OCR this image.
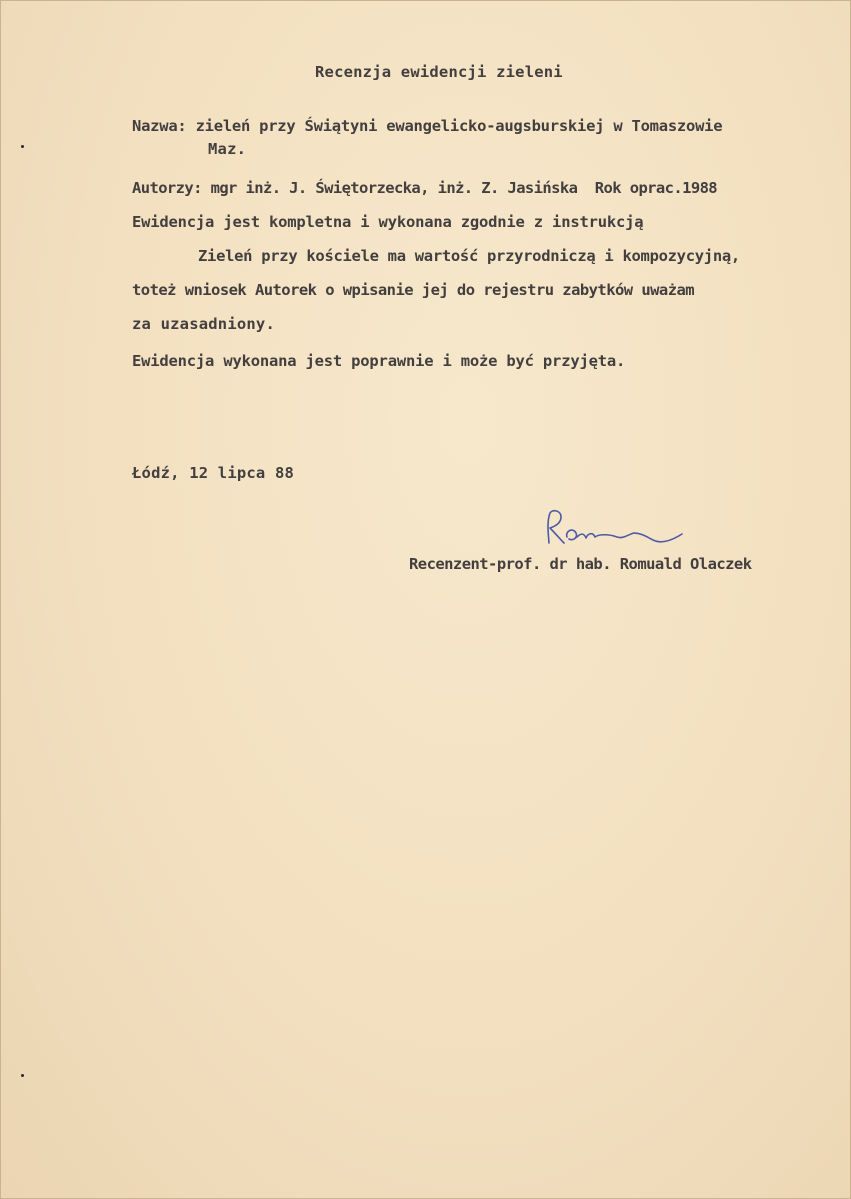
Recenzja ewidencji zieleni
Nazwa: zieleń przy Świątyni ewangelicko-augsburskiej w Tomaszowie
Maz.
Autorzy: mgr inż. J. Świętorzecka, inż. Z. Jasińska  Rok oprac.1988
Ewidencja jest kompletna i wykonana zgodnie z instrukcją
Zieleń przy kościele ma wartość przyrodniczą i kompozycyjną,
toteż wniosek Autorek o wpisanie jej do rejestru zabytków uważam
za uzasadniony.
Ewidencja wykonana jest poprawnie i może być przyjęta.
Łódź, 12 lipca 88
Recenzent-prof. dr hab. Romuald Olaczek
